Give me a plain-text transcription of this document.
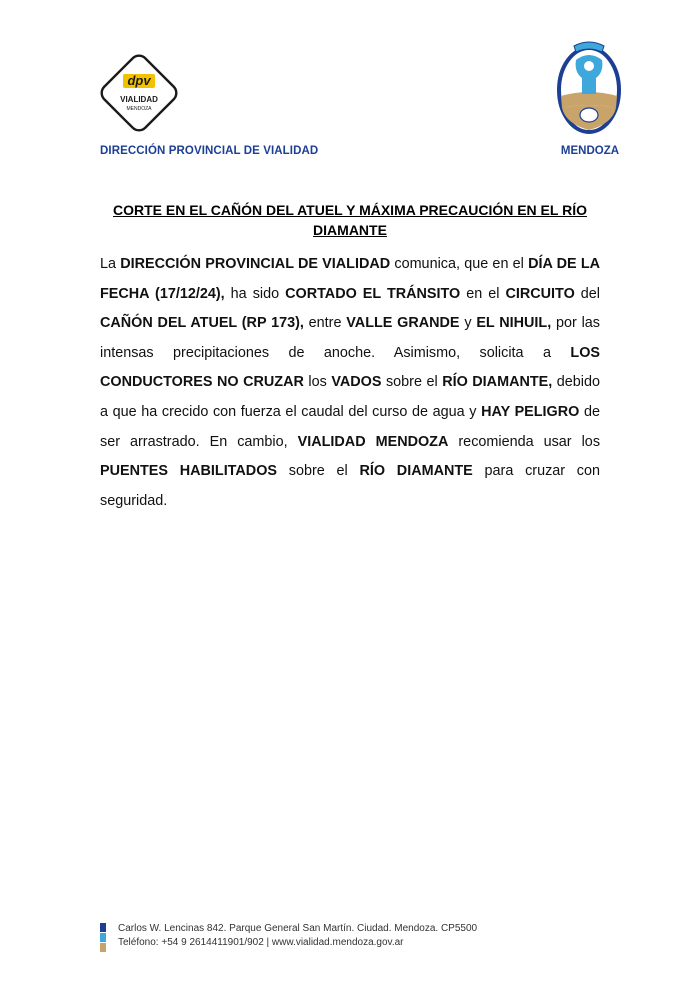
dpv
VIALIDAD
MENDOZA
DIRECCIÓN PROVINCIAL DE VIALIDAD	MENDOZA
CORTE EN EL CAÑÓN DEL ATUEL Y MÁXIMA PRECAUCIÓN EN EL RÍO DIAMANTE
La DIRECCIÓN PROVINCIAL DE VIALIDAD comunica, que en el DÍA DE LA FECHA (17/12/24), ha sido CORTADO EL TRÁNSITO en el CIRCUITO del CAÑÓN DEL ATUEL (RP 173), entre VALLE GRANDE y EL NIHUIL, por las intensas precipitaciones de anoche. Asimismo, solicita a LOS CONDUCTORES NO CRUZAR los VADOS sobre el RÍO DIAMANTE, debido a que ha crecido con fuerza el caudal del curso de agua y HAY PELIGRO de ser arrastrado. En cambio, VIALIDAD MENDOZA recomienda usar los PUENTES HABILITADOS sobre el RÍO DIAMANTE para cruzar con seguridad.
Carlos W. Lencinas 842. Parque General San Martín. Ciudad. Mendoza. CP5500
Teléfono: +54 9 2614411901/902 | www.vialidad.mendoza.gov.ar
